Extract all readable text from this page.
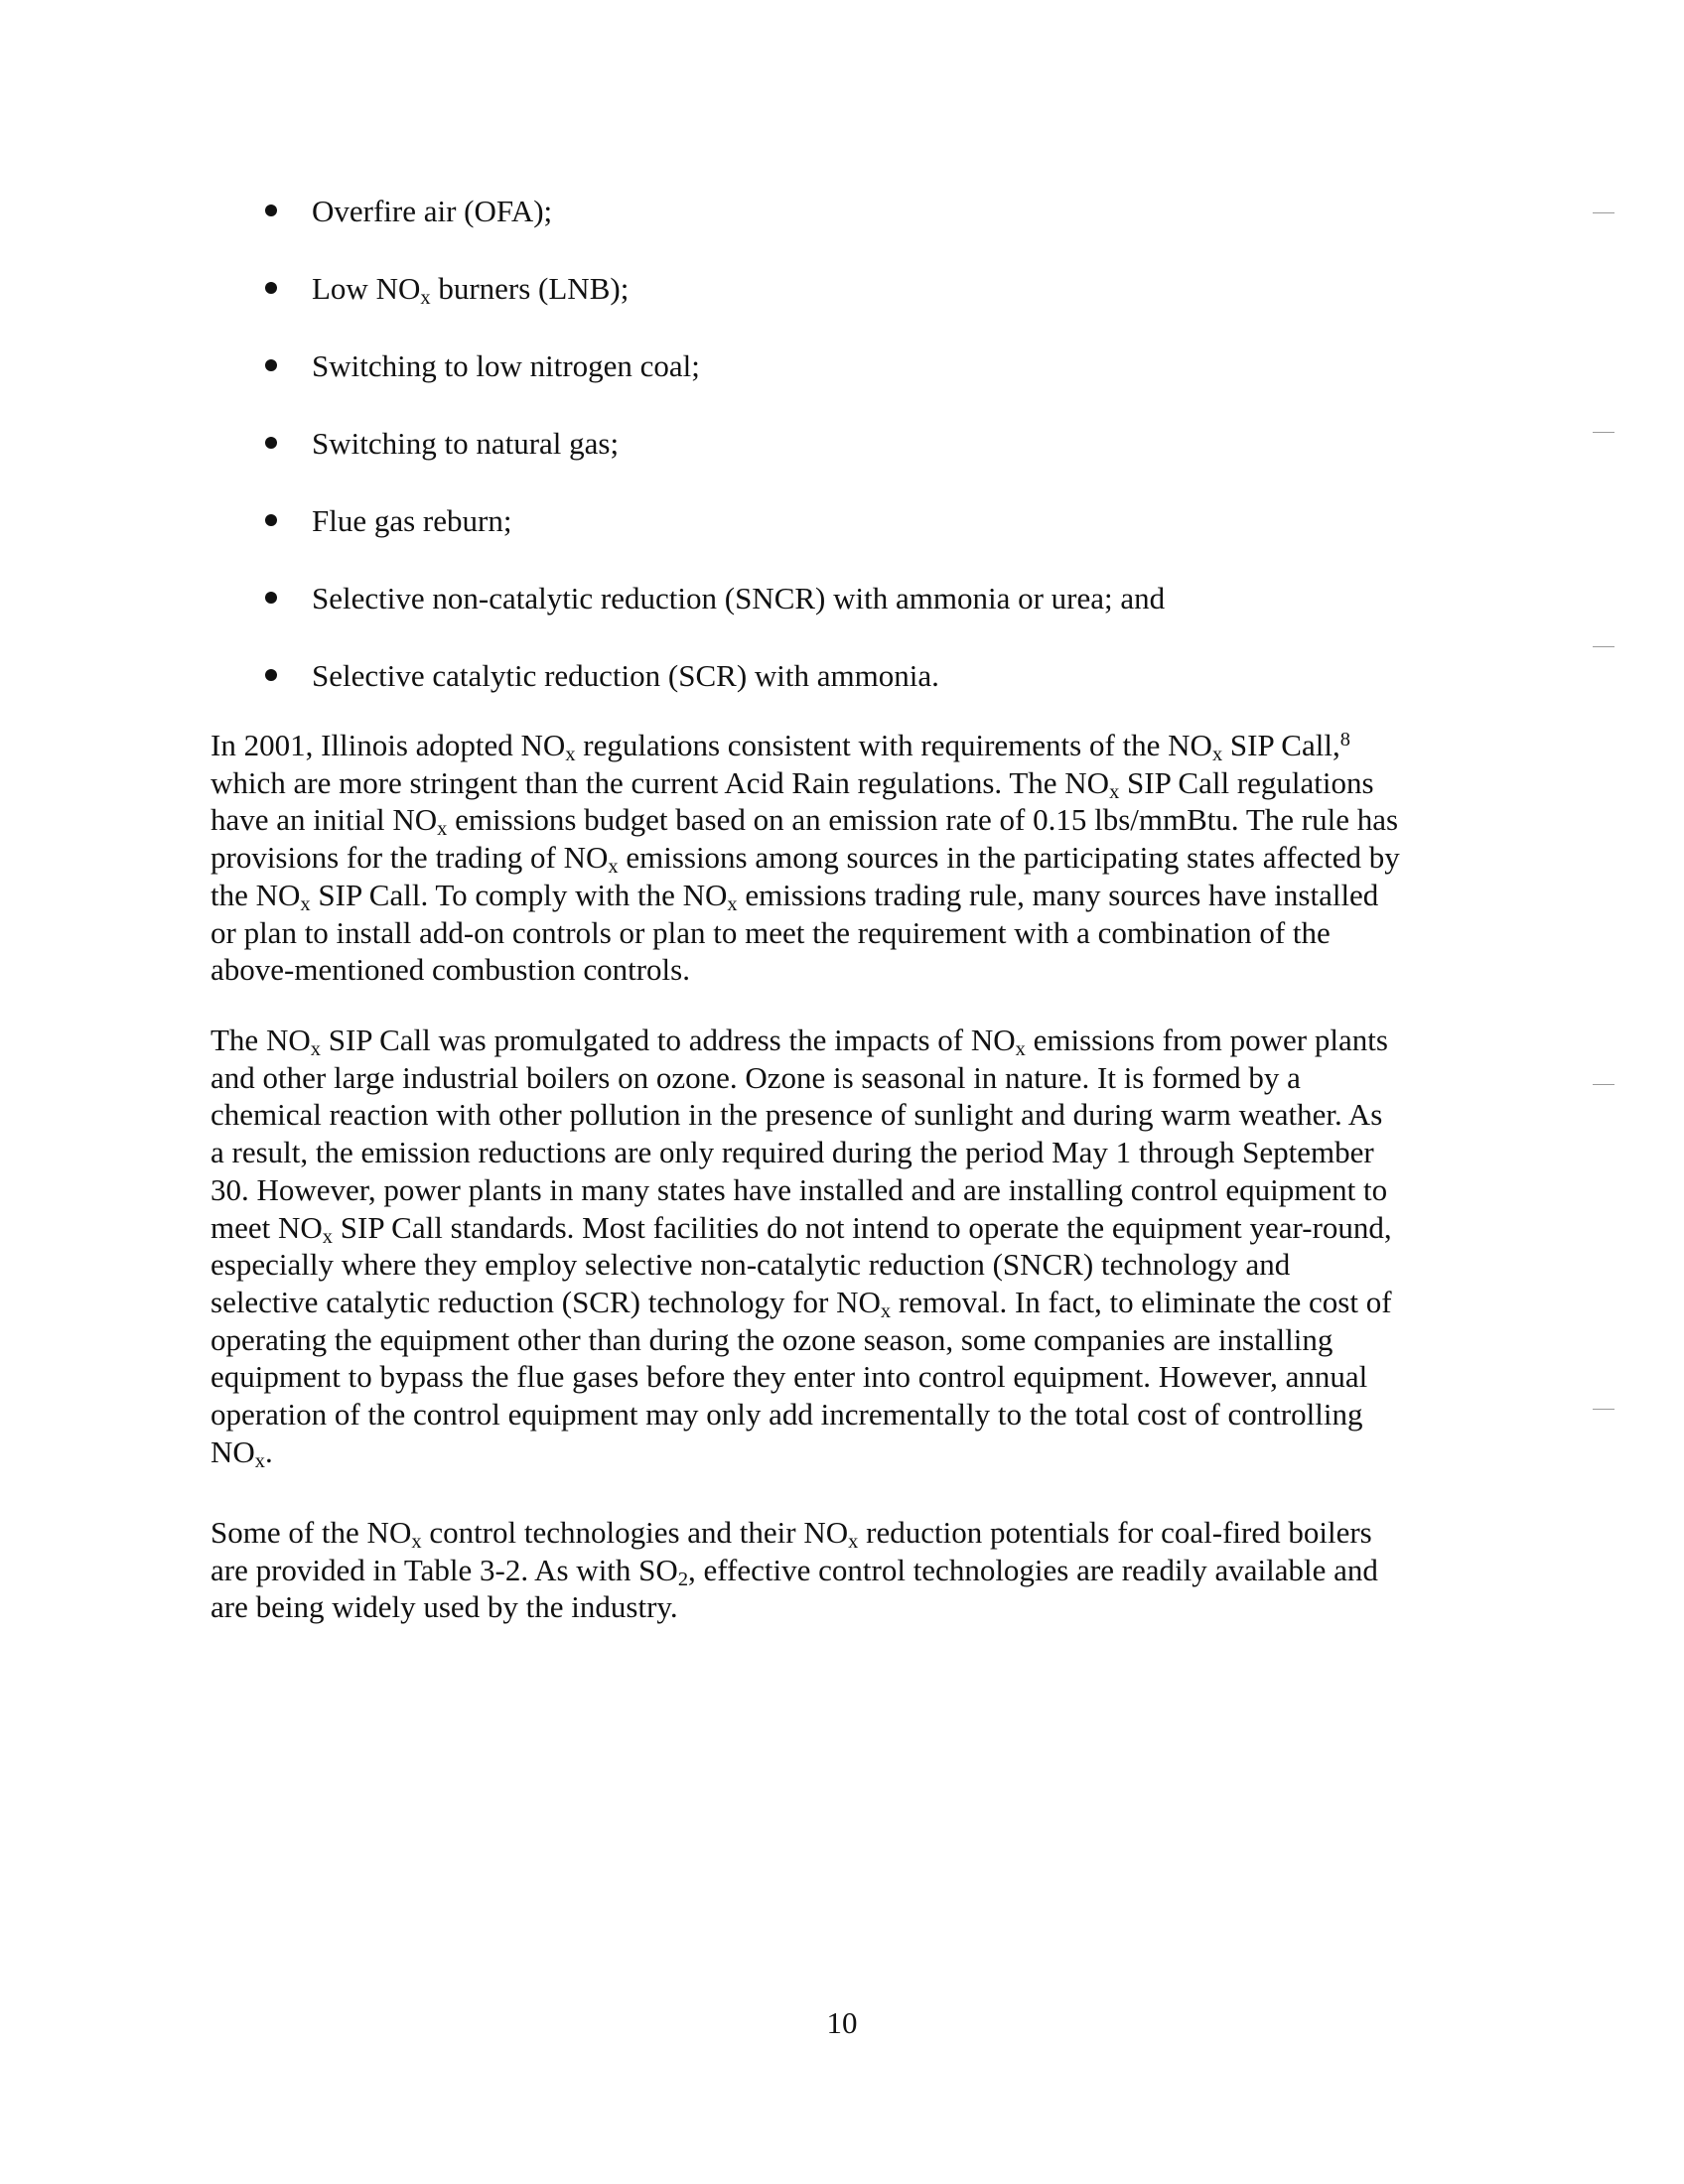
Overfire air (OFA);
Low $NO_x$ burners (LNB);
Switching to low nitrogen coal;
Switching to natural gas;
Flue gas reburn;
Selective non-catalytic reduction (SNCR) with ammonia or urea; and
Selective catalytic reduction (SCR) with ammonia.

In 2001, Illinois adopted $NO_x$ regulations consistent with requirements of the $NO_x$ SIP Call,$^8$ which are more stringent than the current Acid Rain regulations. The $NO_x$ SIP Call regulations have an initial $NO_x$ emissions budget based on an emission rate of 0.15 lbs/mmBtu. The rule has provisions for the trading of $NO_x$ emissions among sources in the participating states affected by the $NO_x$ SIP Call. To comply with the $NO_x$ emissions trading rule, many sources have installed or plan to install add-on controls or plan to meet the requirement with a combination of the above-mentioned combustion controls.

The $NO_x$ SIP Call was promulgated to address the impacts of $NO_x$ emissions from power plants and other large industrial boilers on ozone. Ozone is seasonal in nature. It is formed by a chemical reaction with other pollution in the presence of sunlight and during warm weather. As a result, the emission reductions are only required during the period May 1 through September 30. However, power plants in many states have installed and are installing control equipment to meet $NO_x$ SIP Call standards. Most facilities do not intend to operate the equipment year-round, especially where they employ selective non-catalytic reduction (SNCR) technology and selective catalytic reduction (SCR) technology for $NO_x$ removal. In fact, to eliminate the cost of operating the equipment other than during the ozone season, some companies are installing equipment to bypass the flue gases before they enter into control equipment. However, annual operation of the control equipment may only add incrementally to the total cost of controlling $NO_x$.

Some of the $NO_x$ control technologies and their $NO_x$ reduction potentials for coal-fired boilers are provided in Table 3-2. As with $SO_2$, effective control technologies are readily available and are being widely used by the industry.

10
